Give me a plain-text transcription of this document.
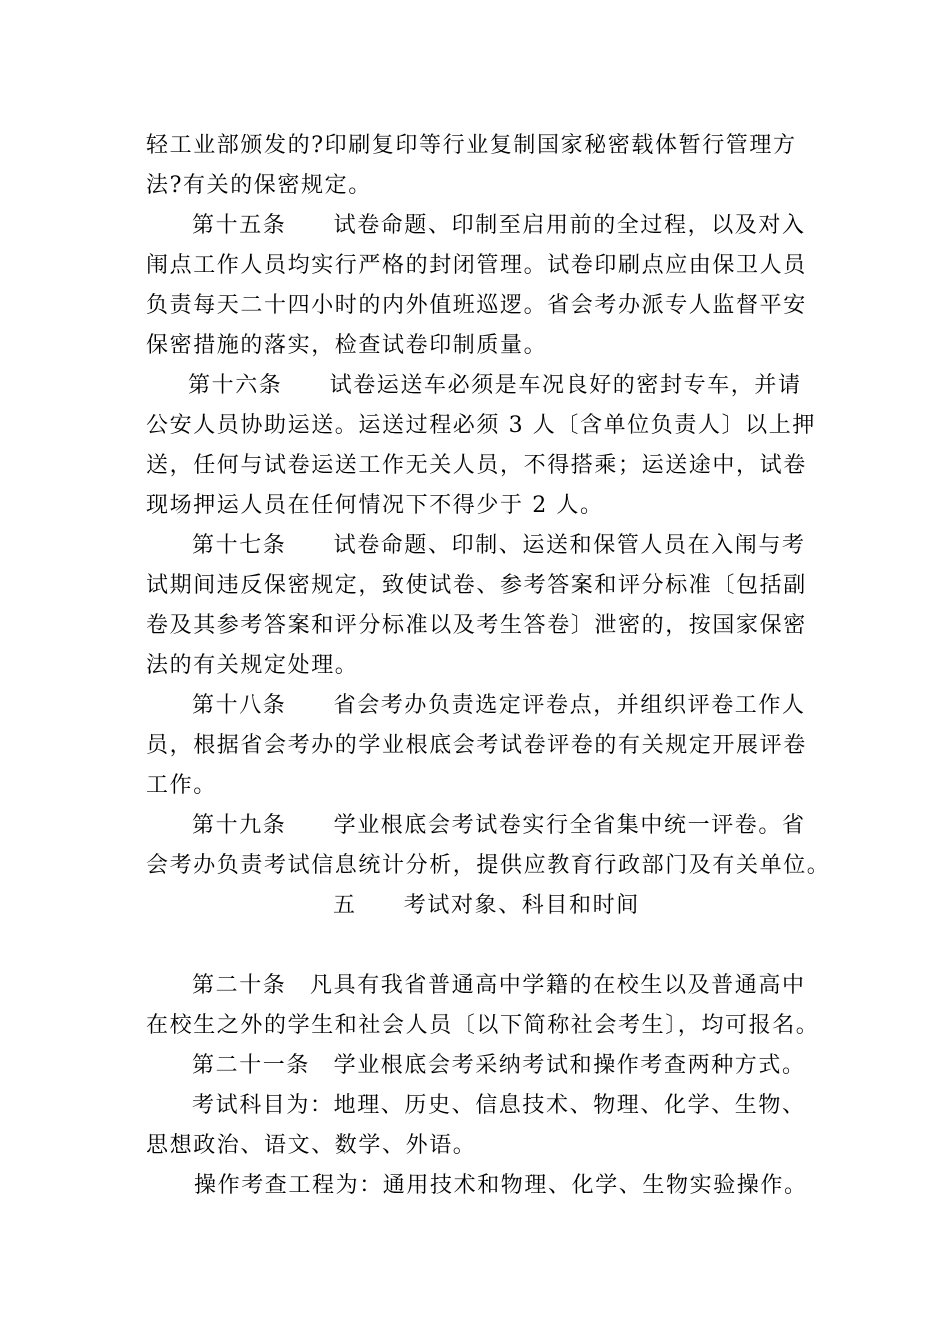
轻工业部颁发的?印刷复印等行业复制国家秘密载体暂行管理方
法?有关的保密规定。
第十五条　　试卷命题、印制至启用前的全过程，以及对入
闱点工作人员均实行严格的封闭管理。试卷印刷点应由保卫人员
负责每天二十四小时的内外值班巡逻。省会考办派专人监督平安
保密措施的落实，检查试卷印制质量。
第十六条　　试卷运送车必须是车况良好的密封专车，并请
公安人员协助运送。运送过程必须 3 人〔含单位负责人〕以上押
送，任何与试卷运送工作无关人员，不得搭乘；运送途中，试卷
现场押运人员在任何情况下不得少于 2 人。
第十七条　　试卷命题、印制、运送和保管人员在入闱与考
试期间违反保密规定，致使试卷、参考答案和评分标准〔包括副
卷及其参考答案和评分标准以及考生答卷〕泄密的，按国家保密
法的有关规定处理。
第十八条　　省会考办负责选定评卷点，并组织评卷工作人
员，根据省会考办的学业根底会考试卷评卷的有关规定开展评卷
工作。
第十九条　　学业根底会考试卷实行全省集中统一评卷。省
会考办负责考试信息统计分析，提供应教育行政部门及有关单位。
五　　考试对象、科目和时间
第二十条　凡具有我省普通高中学籍的在校生以及普通高中
在校生之外的学生和社会人员〔以下简称社会考生〕，均可报名。
第二十一条　学业根底会考采纳考试和操作考查两种方式。
考试科目为：地理、历史、信息技术、物理、化学、生物、
思想政治、语文、数学、外语。
操作考查工程为：通用技术和物理、化学、生物实验操作。
